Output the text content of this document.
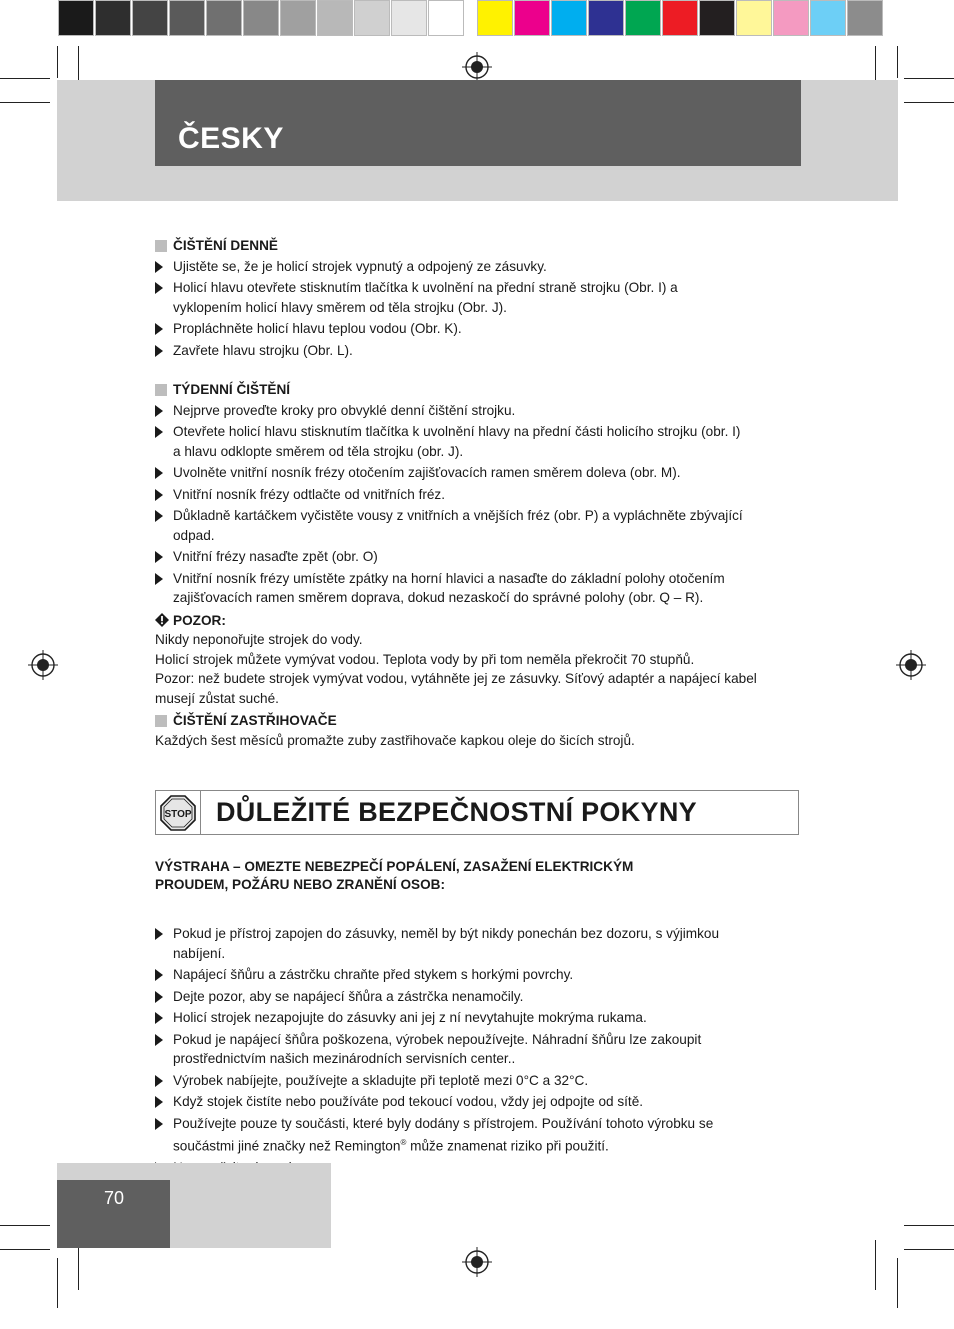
ČESKY
ČIŠTĚNÍ DENNĚ
Ujistěte se, že je holicí strojek vypnutý a odpojený ze zásuvky.
Holicí hlavu otevřete stisknutím tlačítka k uvolnění na přední straně strojku (Obr. I) a
vyklopením holicí hlavy směrem od těla strojku (Obr. J).
Propláchněte holicí hlavu teplou vodou (Obr. K).
Zavřete hlavu strojku (Obr. L).
TÝDENNÍ ČIŠTĚNÍ
Nejprve proveďte kroky pro obvyklé denní čištění strojku.
Otevřete holicí hlavu stisknutím tlačítka k uvolnění hlavy na přední části holicího strojku (obr. I)
a hlavu odklopte směrem od těla strojku (obr. J).
Uvolněte vnitřní nosník frézy otočením zajišťovacích ramen směrem doleva (obr. M).
Vnitřní nosník frézy odtlačte od vnitřních fréz.
Důkladně kartáčkem vyčistěte vousy z vnitřních a vnějších fréz (obr. P) a vypláchněte zbývající
odpad.
Vnitřní frézy nasaďte zpět (obr. O)
Vnitřní nosník frézy umístěte zpátky na horní hlavici a nasaďte do základní polohy otočením
zajišťovacích ramen směrem doprava, dokud nezaskočí do správné polohy (obr. Q – R).
POZOR:

Nikdy neponořujte strojek do vody.

Holicí strojek můžete vymývat vodou. Teplota vody by při tom neměla překročit 70 stupňů.

Pozor: než budete strojek vymývat vodou, vytáhněte jej ze zásuvky. Síťový adaptér a napájecí kabel

musejí zůstat suché.

ČIŠTĚNÍ ZASTŘIHOVAČE

Každých šest měsíců promažte zuby zastřihovače kapkou oleje do šicích strojů.

STOP DŮLEŽITÉ BEZPEČNOSTNÍ POKYNY

VÝSTRAHA – OMEZTE NEBEZPEČÍ POPÁLENÍ, ZASAŽENÍ ELEKTRICKÝM
PROUDEM, POŽÁRU NEBO ZRANĚNÍ OSOB:

Pokud je přístroj zapojen do zásuvky, neměl by být nikdy ponechán bez dozoru, s výjimkou
nabíjení.
Napájecí šňůru a zástrčku chraňte před stykem s horkými povrchy.
Dejte pozor, aby se napájecí šňůra a zástrčka nenamočily.
Holicí strojek nezapojujte do zásuvky ani jej z ní nevytahujte mokrýma rukama.
Pokud je napájecí šňůra poškozena, výrobek nepoužívejte. Náhradní šňůru lze zakoupit
prostřednictvím našich mezinárodních servisních center..
Výrobek nabíjejte, používejte a skladujte při teplotě mezi 0°C a 32°C.
Když stojek čistíte nebo používáte pod tekoucí vodou, vždy jej odpojte od sítě.
Používejte pouze ty součásti, které byly dodány s přístrojem. Používání tohoto výrobku se
součástmi jiné značky než Remington® může znamenat riziko při použití.
70
